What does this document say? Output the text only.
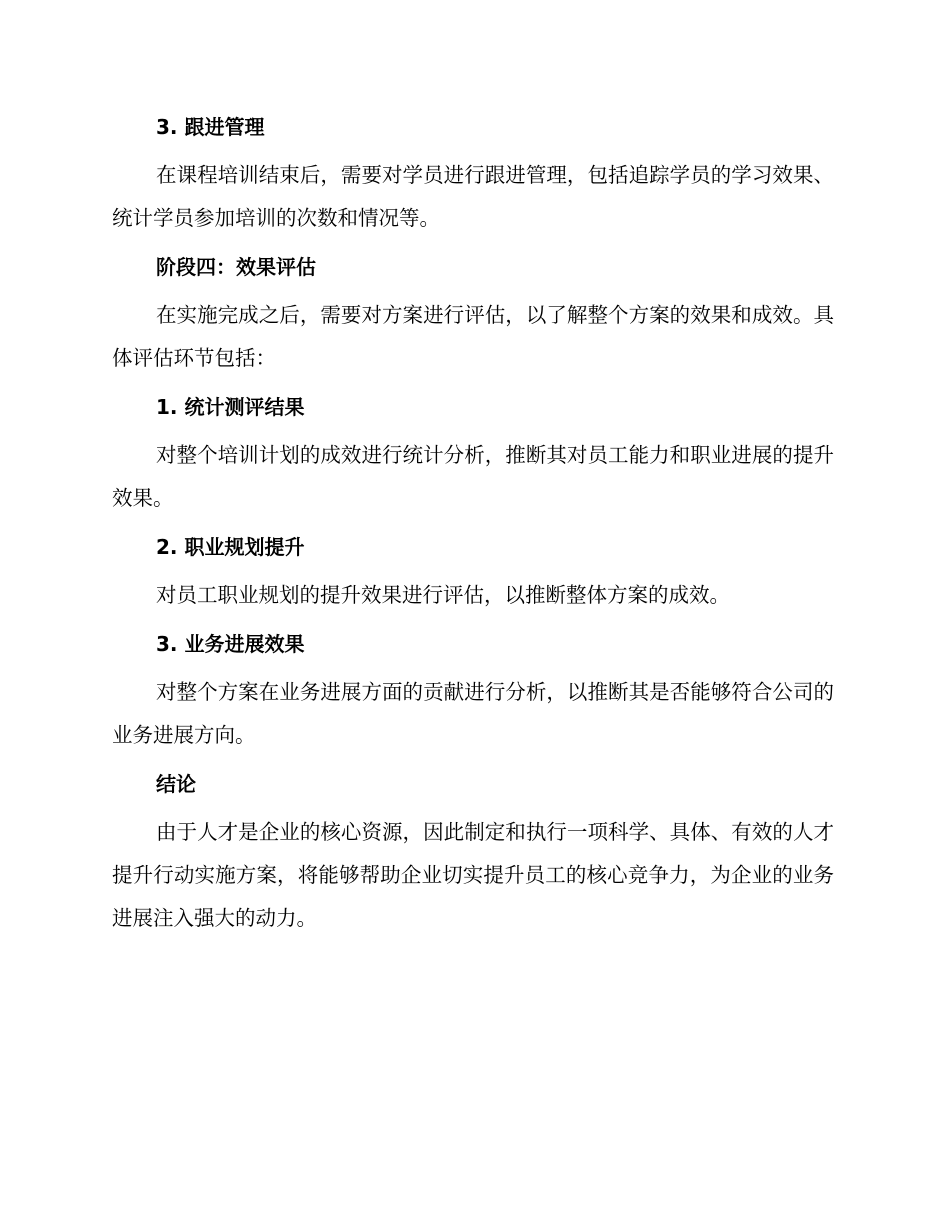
3. 跟进管理

在课程培训结束后，需要对学员进行跟进管理，包括追踪学员的学习效果、统计学员参加培训的次数和情况等。

阶段四：效果评估

在实施完成之后，需要对方案进行评估，以了解整个方案的效果和成效。具体评估环节包括：

1. 统计测评结果

对整个培训计划的成效进行统计分析，推断其对员工能力和职业进展的提升效果。

2. 职业规划提升

对员工职业规划的提升效果进行评估，以推断整体方案的成效。

3. 业务进展效果

对整个方案在业务进展方面的贡献进行分析，以推断其是否能够符合公司的业务进展方向。

结论

由于人才是企业的核心资源，因此制定和执行一项科学、具体、有效的人才提升行动实施方案，将能够帮助企业切实提升员工的核心竞争力，为企业的业务进展注入强大的动力。
